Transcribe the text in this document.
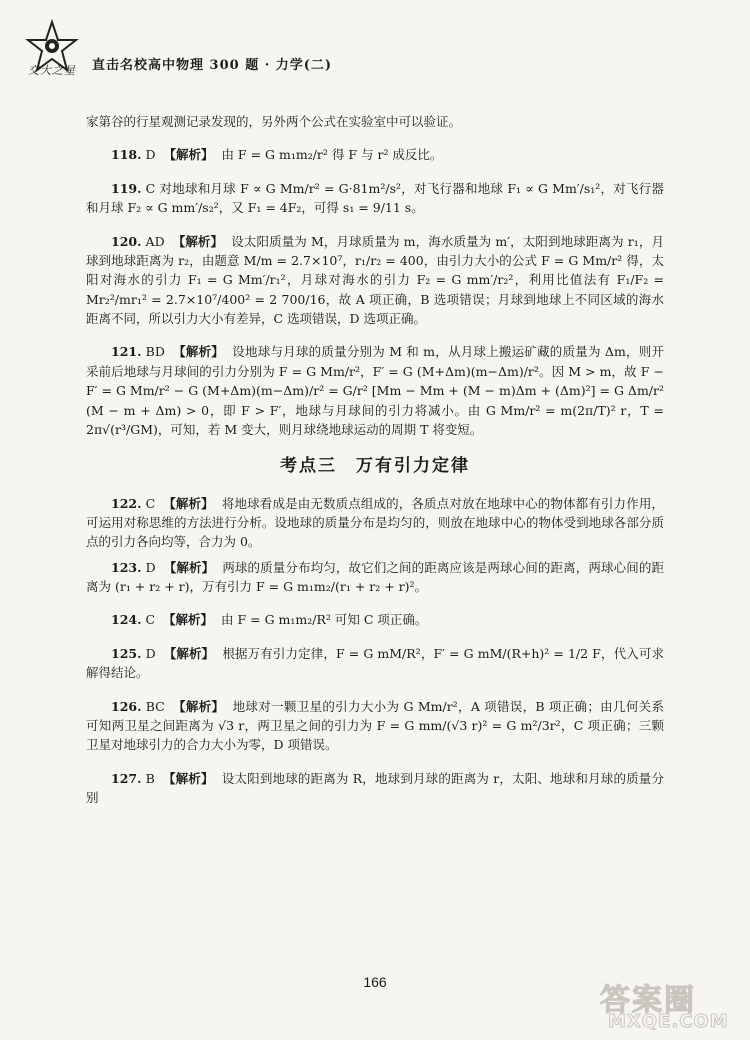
交大之星 直击名校高中物理 300 题 · 力学(二)

家第谷的行星观测记录发现的，另外两个公式在实验室中可以验证。

118. D 【解析】 由 F = G m₁m₂/r² 得 F 与 r² 成反比。

119. C 对地球和月球 F ∝ G Mm/r² = G·81m²/s²，对飞行器和地球 F₁ ∝ G Mm′/s₁²，对飞行器和月球 F₂ ∝ G mm′/s₂²，又 F₁ = 4F₂，可得 s₁ = 9/11 s。

120. AD 【解析】 设太阳质量为 M，月球质量为 m，海水质量为 m′，太阳到地球距离为 r₁，月球到地球距离为 r₂，由题意 M/m = 2.7×10⁷，r₁/r₂ = 400，由引力大小的公式 F = G Mm/r² 得，太阳对海水的引力 F₁ = G Mm′/r₁²，月球对海水的引力 F₂ = G mm′/r₂²，利用比值法有 F₁/F₂ = Mr₂²/mr₁² = 2.7×10⁷/400² = 2 700/16，故 A 项正确，B 选项错误；月球到地球上不同区域的海水距离不同，所以引力大小有差异，C 选项错误，D 选项正确。

121. BD 【解析】 设地球与月球的质量分别为 M 和 m，从月球上搬运矿藏的质量为 Δm，则开采前后地球与月球间的引力分别为 F = G Mm/r²，F′ = G (M+Δm)(m−Δm)/r²。因 M > m，故 F − F′ = G Mm/r² − G (M+Δm)(m−Δm)/r² = G/r² [Mm − Mm + (M − m)Δm + (Δm)²] = G Δm/r² (M − m + Δm) > 0，即 F > F′，地球与月球间的引力将减小。由 G Mm/r² = m(2π/T)² r，T = 2π√(r³/GM)，可知，若 M 变大，则月球绕地球运动的周期 T 将变短。

考点三　万有引力定律

122. C 【解析】 将地球看成是由无数质点组成的，各质点对放在地球中心的物体都有引力作用，可运用对称思维的方法进行分析。设地球的质量分布是均匀的，则放在地球中心的物体受到地球各部分质点的引力各向均等，合力为 0。

123. D 【解析】 两球的质量分布均匀，故它们之间的距离应该是两球心间的距离，两球心间的距离为 (r₁ + r₂ + r)，万有引力 F = G m₁m₂/(r₁ + r₂ + r)²。

124. C 【解析】 由 F = G m₁m₂/R² 可知 C 项正确。

125. D 【解析】 根据万有引力定律，F = G mM/R²，F′ = G mM/(R+h)² = 1/2 F，代入可求解得结论。

126. BC 【解析】 地球对一颗卫星的引力大小为 G Mm/r²，A 项错误，B 项正确；由几何关系可知两卫星之间距离为 √3 r，两卫星之间的引力为 F = G mm/(√3 r)² = G m²/3r²，C 项正确；三颗卫星对地球引力的合力大小为零，D 项错误。

127. B 【解析】 设太阳到地球的距离为 R，地球到月球的距离为 r，太阳、地球和月球的质量分别

166
答案圈
MXQE.COM
